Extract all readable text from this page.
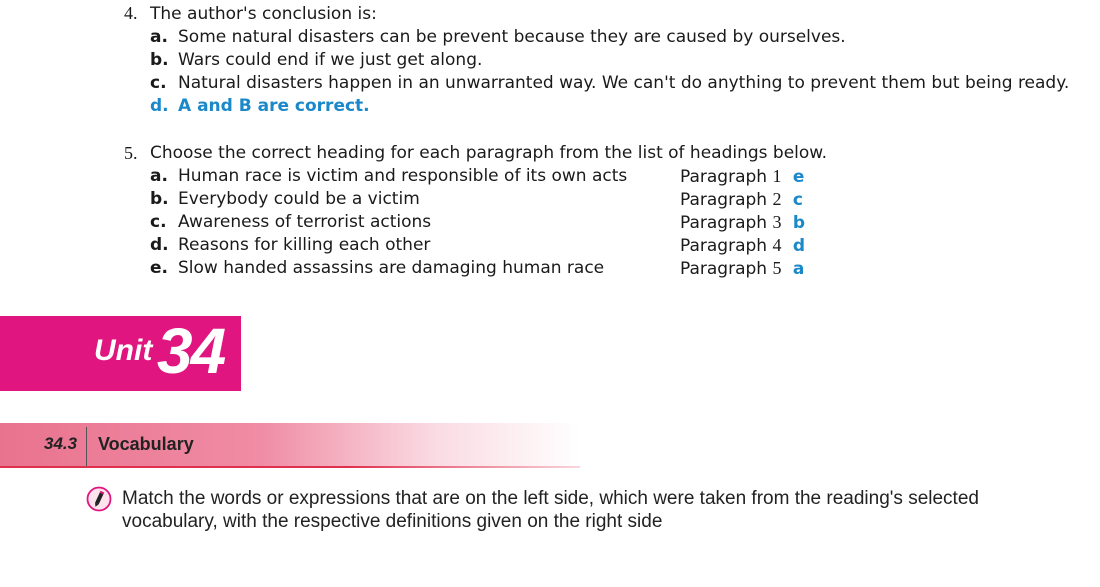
4. The author's conclusion is:
a. Some natural disasters can be prevent because they are caused by ourselves.
b. Wars could end if we just get along.
c. Natural disasters happen in an unwarranted way. We can't do anything to prevent them but being ready.
d. A and B are correct.
5. Choose the correct heading for each paragraph from the list of headings below.
a. Human race is victim and responsible of its own acts
b. Everybody could be a victim
c. Awareness of terrorist actions
d. Reasons for killing each other
e. Slow handed assassins are damaging human race
Paragraph 1 e
Paragraph 2 c
Paragraph 3 b
Paragraph 4 d
Paragraph 5 a
Unit 34
34.3 Vocabulary
Match the words or expressions that are on the left side, which were taken from the reading's selected vocabulary, with the respective definitions given on the right side
